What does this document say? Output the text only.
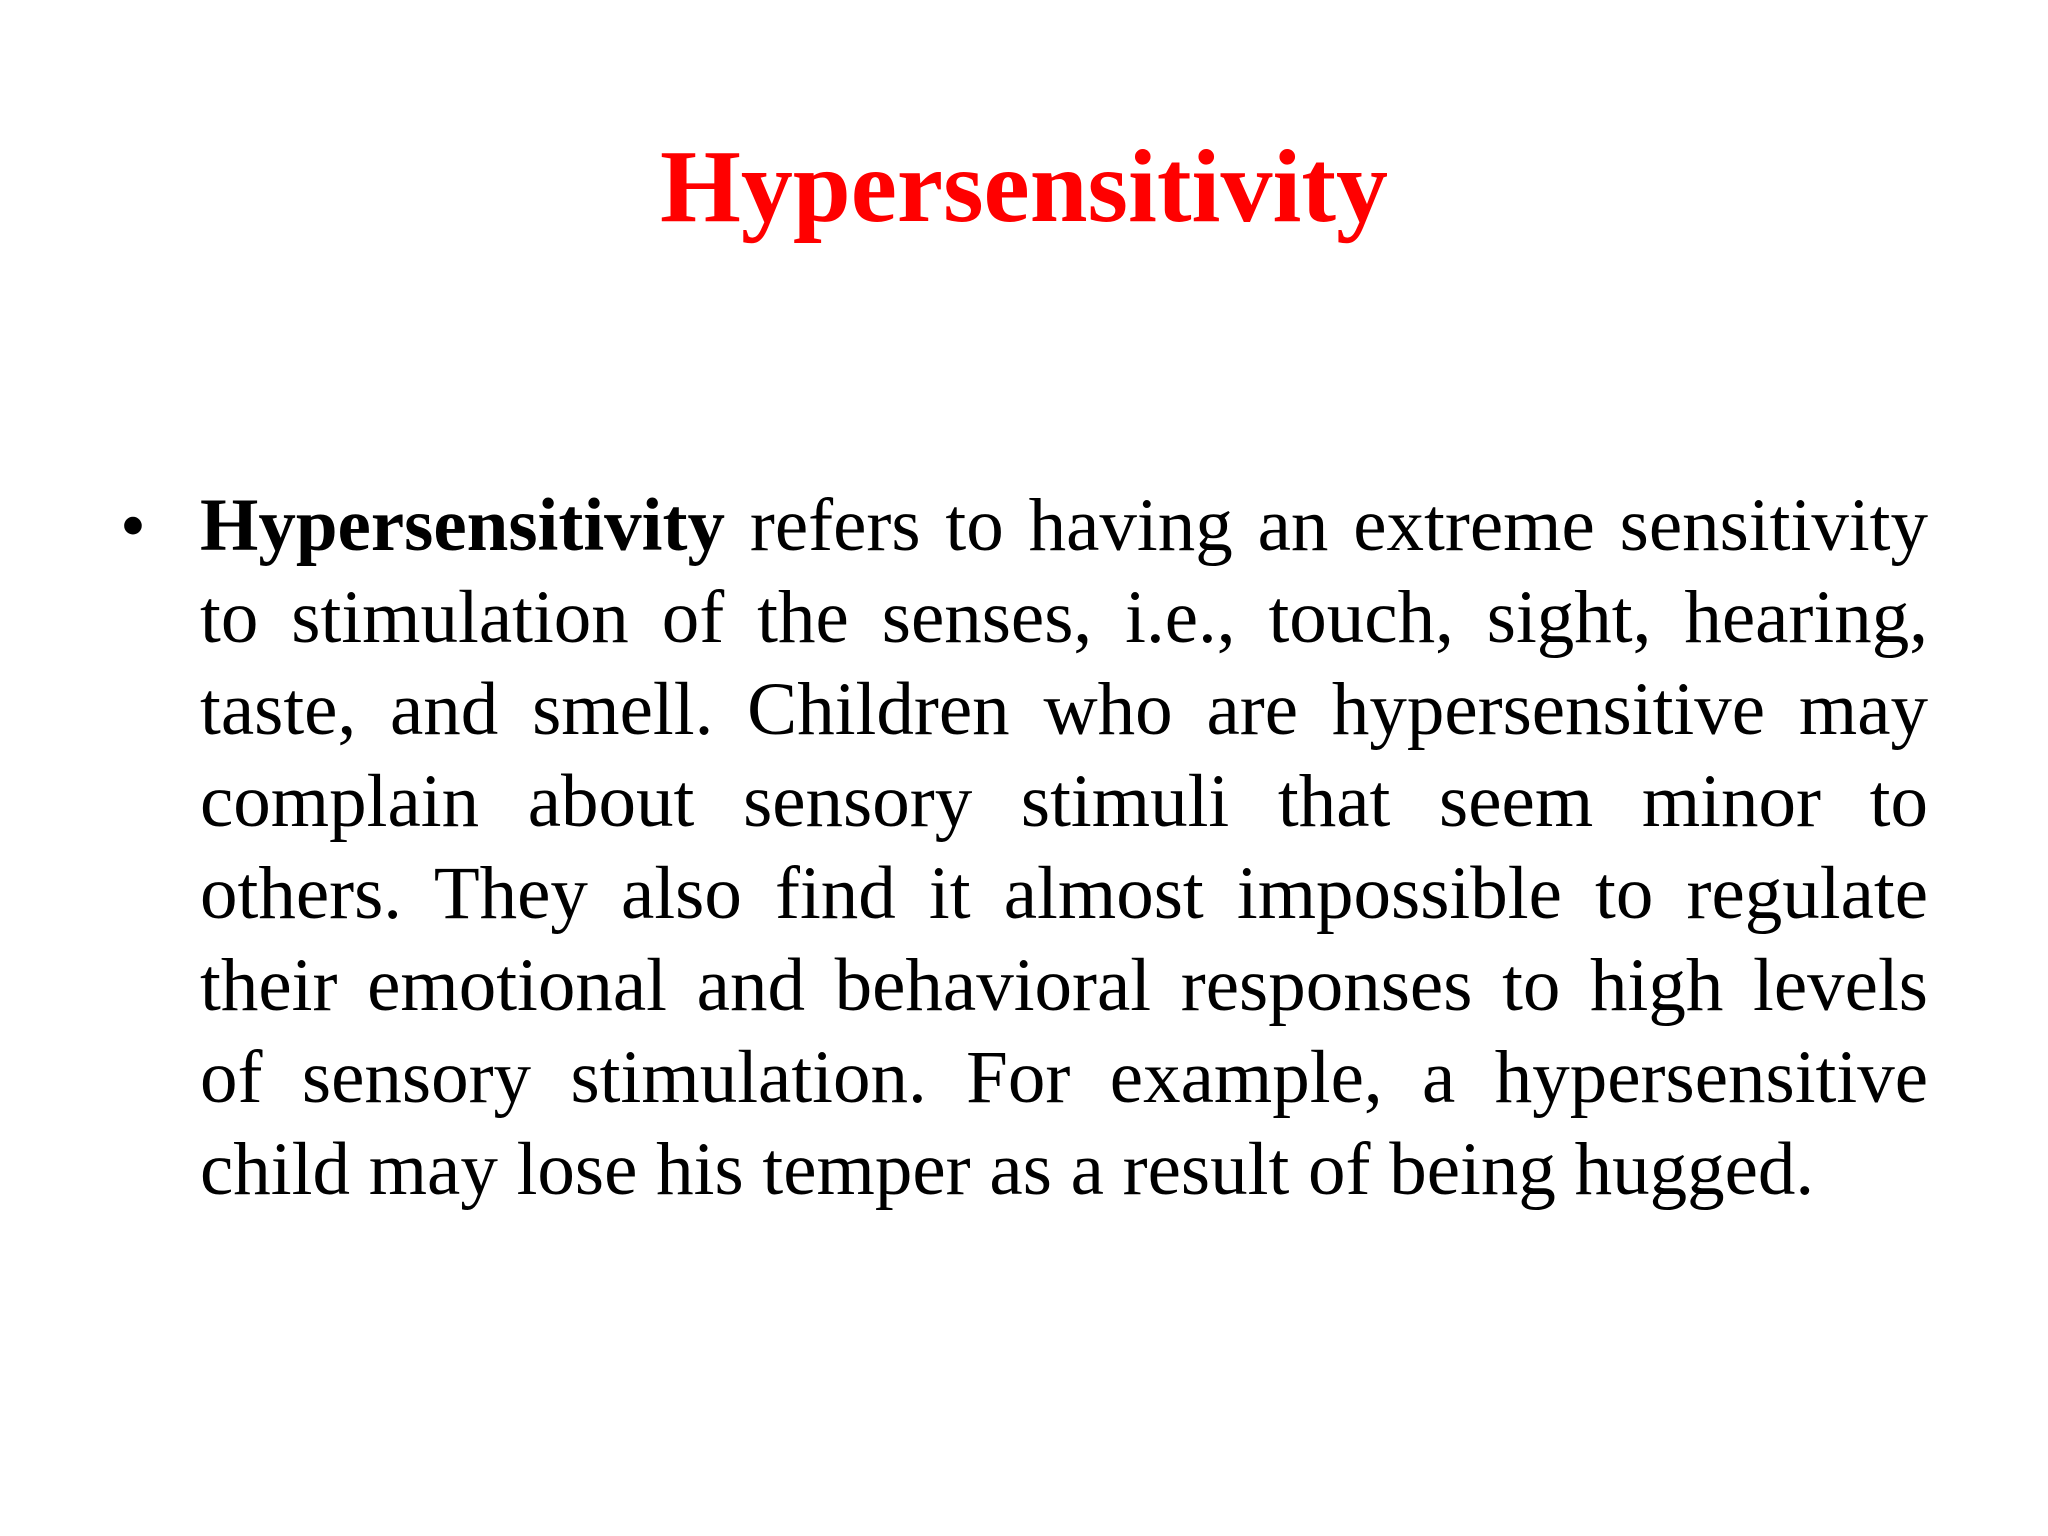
Hypersensitivity
• Hypersensitivity refers to having an extreme sensitivity to stimulation of the senses, i.e., touch, sight, hearing, taste, and smell. Children who are hypersensitive may complain about sensory stimuli that seem minor to others. They also find it almost impossible to regulate their emotional and behavioral responses to high levels of sensory stimulation. For example, a hypersensitive child may lose his temper as a result of being hugged.
